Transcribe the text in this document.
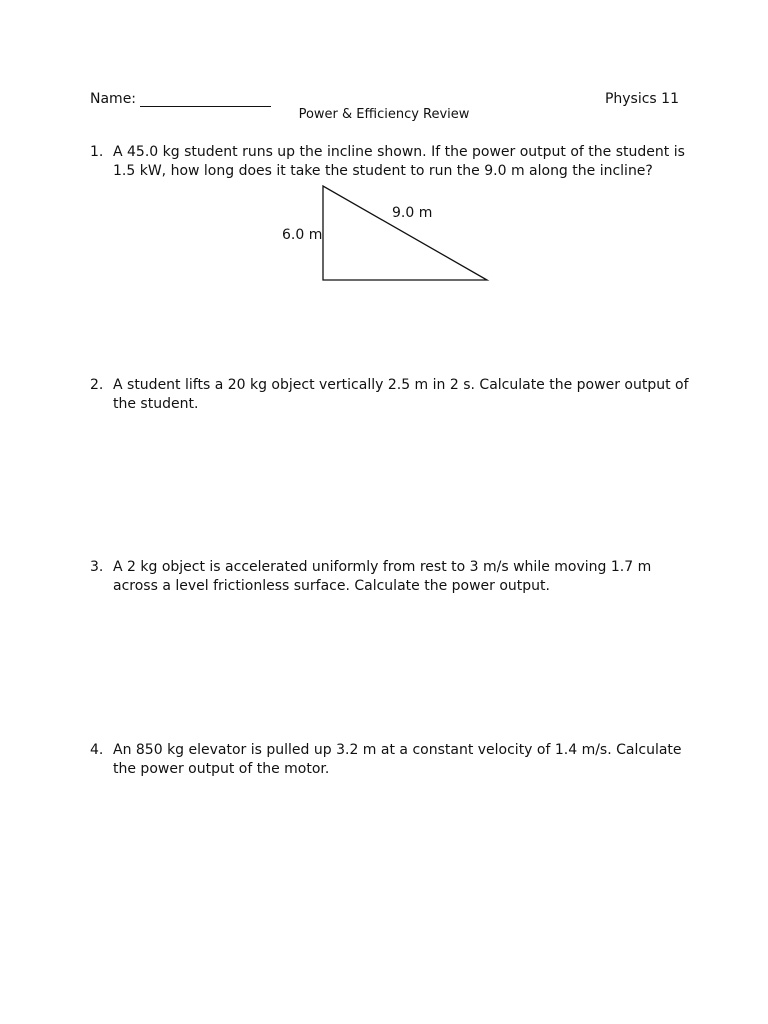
Name:	Physics 11
Power & Efficiency Review
1. A 45.0 kg student runs up the incline shown. If the power output of the student is 1.5 kW, how long does it take the student to run the 9.0 m along the incline?
9.0 m
6.0 m
2. A student lifts a 20 kg object vertically 2.5 m in 2 s. Calculate the power output of the student.
3. A 2 kg object is accelerated uniformly from rest to 3 m/s while moving 1.7 m across a level frictionless surface. Calculate the power output.
4. An 850 kg elevator is pulled up 3.2 m at a constant velocity of 1.4 m/s. Calculate the power output of the motor.
